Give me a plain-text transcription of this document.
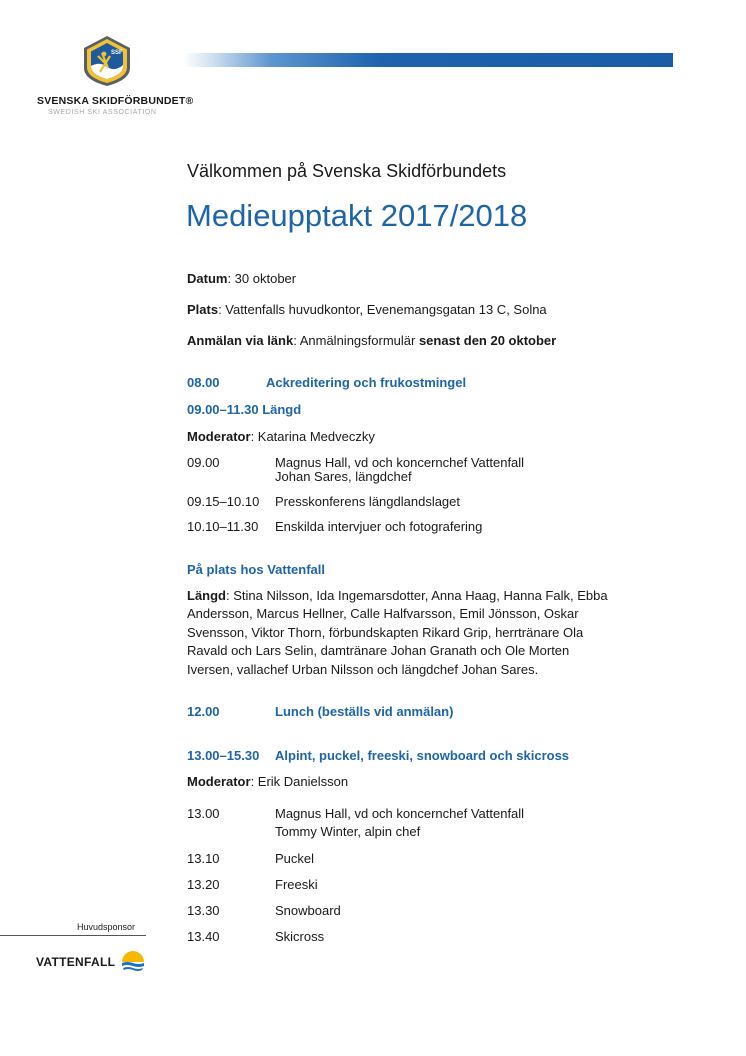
SSF
SVENSKA SKIDFÖRBUNDET®
SWEDISH SKI ASSOCIATION
Välkommen på Svenska Skidförbundets
Medieupptakt 2017/2018
Datum: 30 oktober
Plats: Vattenfalls huvudkontor, Evenemangsgatan 13 C, Solna
Anmälan via länk: Anmälningsformulär senast den 20 oktober
08.00	Ackreditering och frukostmingel
09.00–11.30 Längd
Moderator: Katarina Medveczky
09.00	Magnus Hall, vd och koncernchef Vattenfall
Johan Sares, längdchef
09.15–10.10 Presskonferens längdlandslaget
10.10–11.30 Enskilda intervjuer och fotografering
På plats hos Vattenfall
Längd: Stina Nilsson, Ida Ingemarsdotter, Anna Haag, Hanna Falk, Ebba
Andersson, Marcus Hellner, Calle Halfvarsson, Emil Jönsson, Oskar
Svensson, Viktor Thorn, förbundskapten Rikard Grip, herrtränare Ola
Ravald och Lars Selin, damtränare Johan Granath och Ole Morten
Iversen, vallachef Urban Nilsson och längdchef Johan Sares.
12.00	Lunch (beställs vid anmälan)
13.00–15.30 Alpint, puckel, freeski, snowboard och skicross
Moderator: Erik Danielsson
13.00	Magnus Hall, vd och koncernchef Vattenfall
Tommy Winter, alpin chef
13.10	Puckel
13.20	Freeski
13.30	Snowboard
13.40	Skicross
Huvudsponsor
VATTENFALL
